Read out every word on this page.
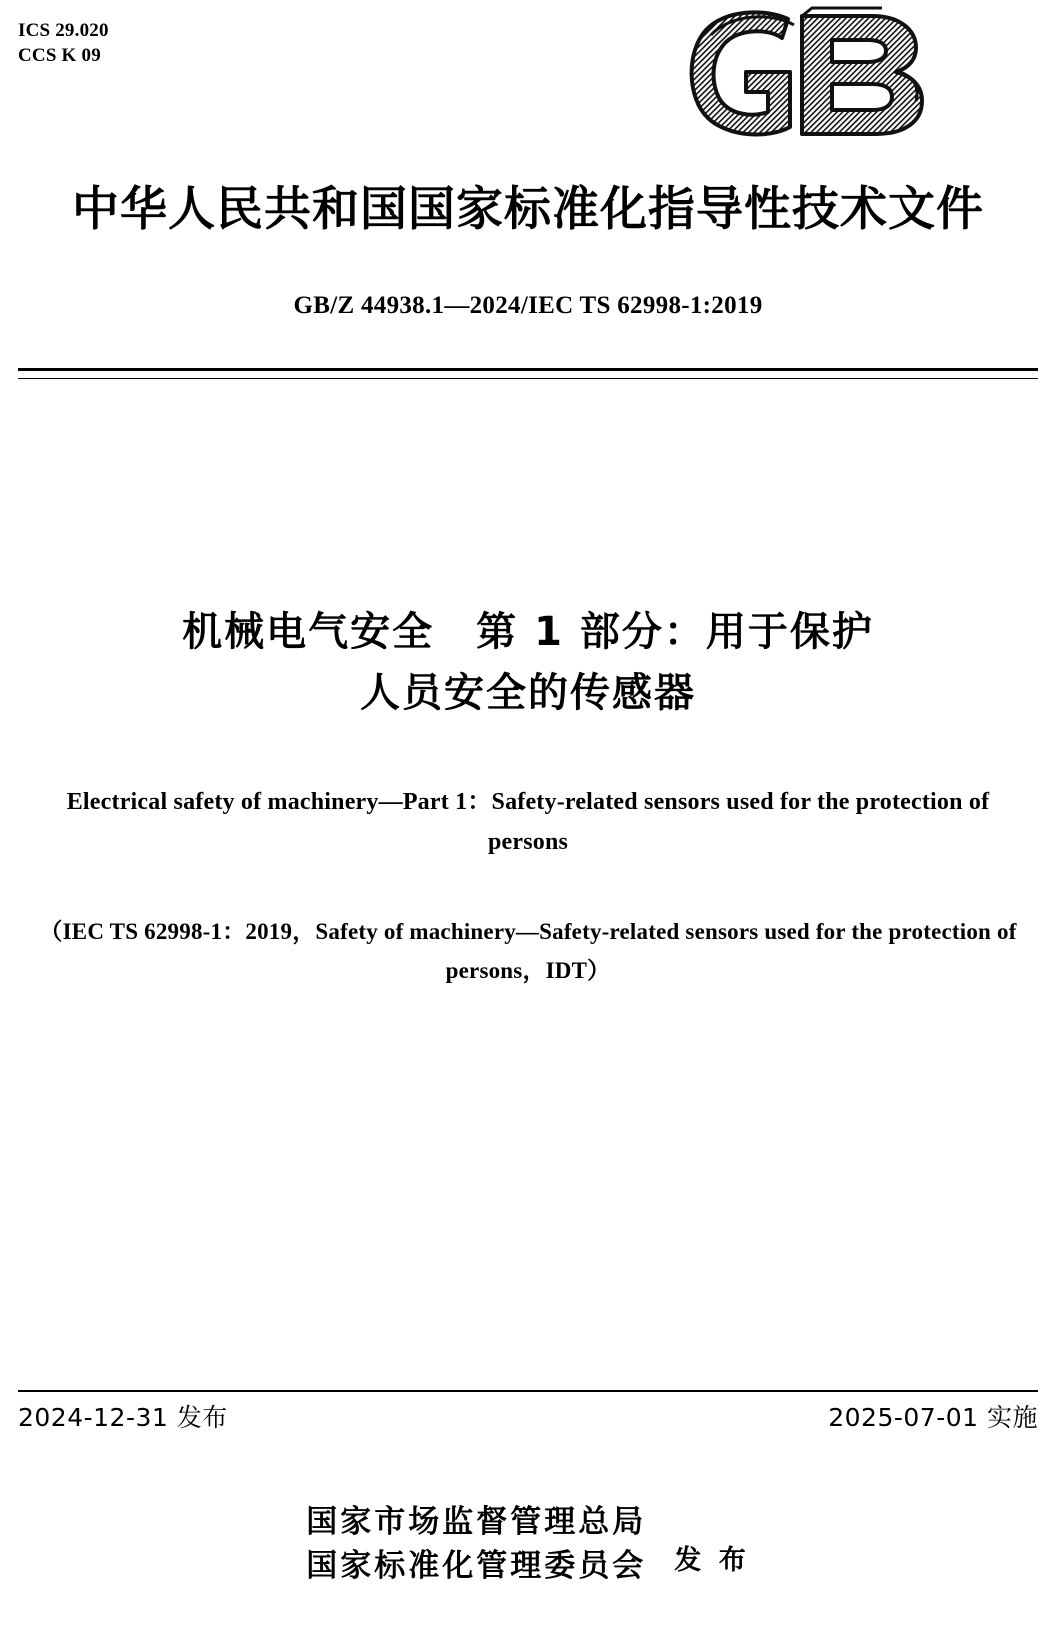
ICS 29.020
CCS K 09
中华人民共和国国家标准化指导性技术文件
GB/Z 44938.1—2024/IEC TS 62998-1:2019
机械电气安全　第 1 部分：用于保护
人员安全的传感器
Electrical safety of machinery—Part 1：Safety-related sensors used for the protection of persons
（IEC TS 62998-1：2019，Safety of machinery—Safety-related sensors used for the protection of persons，IDT）
2024-12-31 发布	2025-07-01 实施
国家市场监督管理总局
国家标准化管理委员会 发 布
